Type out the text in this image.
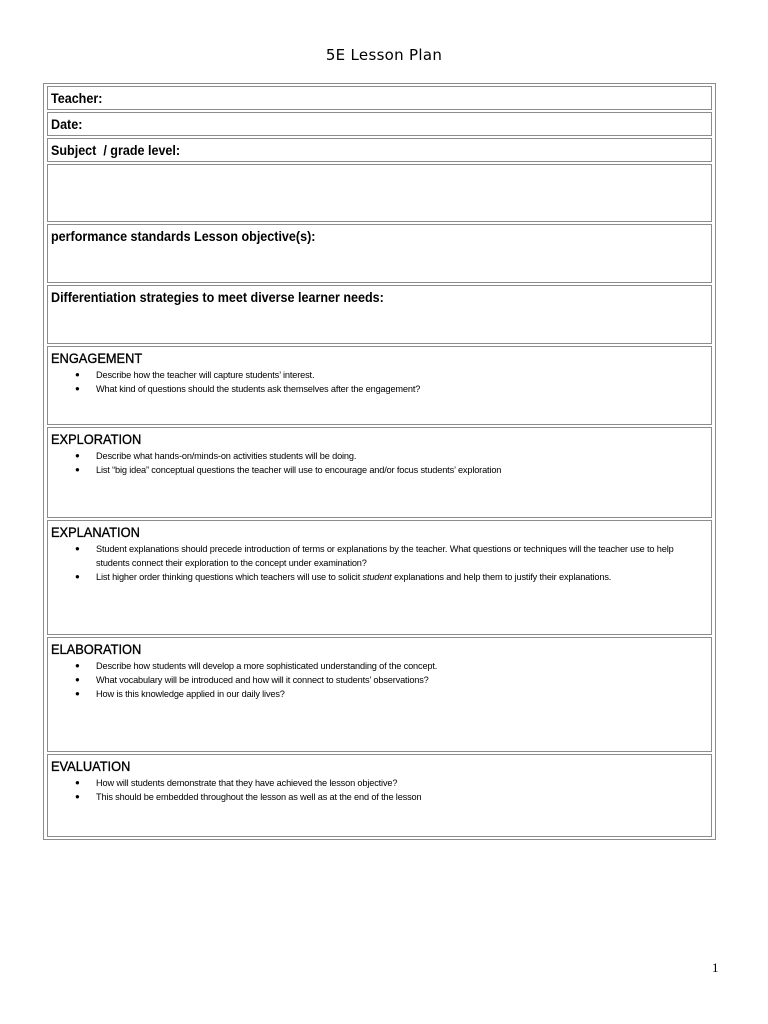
5E Lesson Plan
Teacher:
Date:
Subject  / grade level:
performance standards Lesson objective(s):
Differentiation strategies to meet diverse learner needs:
ENGAGEMENT
● Describe how the teacher will capture students’ interest.
● What kind of questions should the students ask themselves after the engagement?
EXPLORATION
● Describe what hands-on/minds-on activities students will be doing.
● List “big idea” conceptual questions the teacher will use to encourage and/or focus students’ exploration
EXPLANATION
● Student explanations should precede introduction of terms or explanations by the teacher. What questions or techniques will the teacher use to help students connect their exploration to the concept under examination?
● List higher order thinking questions which teachers will use to solicit student explanations and help them to justify their explanations.
ELABORATION
● Describe how students will develop a more sophisticated understanding of the concept.
● What vocabulary will be introduced and how will it connect to students’ observations?
● How is this knowledge applied in our daily lives?
EVALUATION
● How will students demonstrate that they have achieved the lesson objective?
● This should be embedded throughout the lesson as well as at the end of the lesson
1
